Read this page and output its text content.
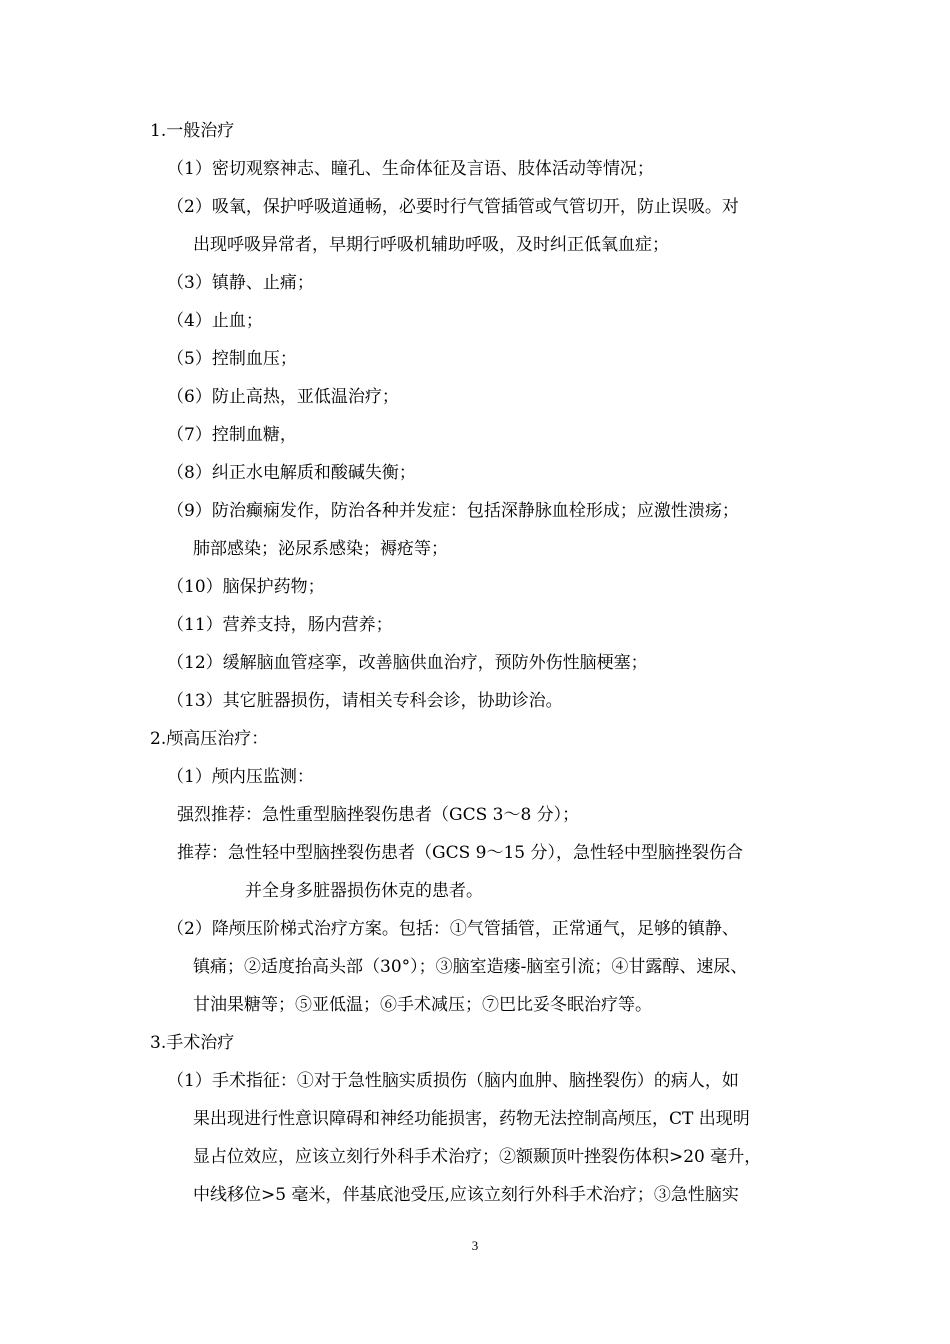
1.一般治疗
（1）密切观察神志、瞳孔、生命体征及言语、肢体活动等情况；
（2）吸氧，保护呼吸道通畅，必要时行气管插管或气管切开，防止误吸。对
出现呼吸异常者，早期行呼吸机辅助呼吸，及时纠正低氧血症；
（3）镇静、止痛；
（4）止血；
（5）控制血压；
（6）防止高热，亚低温治疗；
（7）控制血糖，
（8）纠正水电解质和酸碱失衡；
（9）防治癫痫发作，防治各种并发症：包括深静脉血栓形成；应激性溃疡；
肺部感染；泌尿系感染；褥疮等；
（10）脑保护药物；
（11）营养支持，肠内营养；
（12）缓解脑血管痉挛，改善脑供血治疗，预防外伤性脑梗塞；
（13）其它脏器损伤，请相关专科会诊，协助诊治。
2.颅高压治疗：
（1）颅内压监测：
强烈推荐：急性重型脑挫裂伤患者（GCS 3～8 分）；
推荐：急性轻中型脑挫裂伤患者（GCS 9～15 分），急性轻中型脑挫裂伤合
并全身多脏器损伤休克的患者。
（2）降颅压阶梯式治疗方案。包括：①气管插管，正常通气，足够的镇静、
镇痛；②适度抬高头部（30°）；③脑室造瘘-脑室引流；④甘露醇、速尿、
甘油果糖等；⑤亚低温；⑥手术减压；⑦巴比妥冬眠治疗等。
3.手术治疗
（1）手术指征：①对于急性脑实质损伤（脑内血肿、脑挫裂伤）的病人，如
果出现进行性意识障碍和神经功能损害，药物无法控制高颅压，CT 出现明
显占位效应，应该立刻行外科手术治疗；②额颞顶叶挫裂伤体积>20 毫升，
中线移位>5 毫米，伴基底池受压,应该立刻行外科手术治疗；③急性脑实
3
